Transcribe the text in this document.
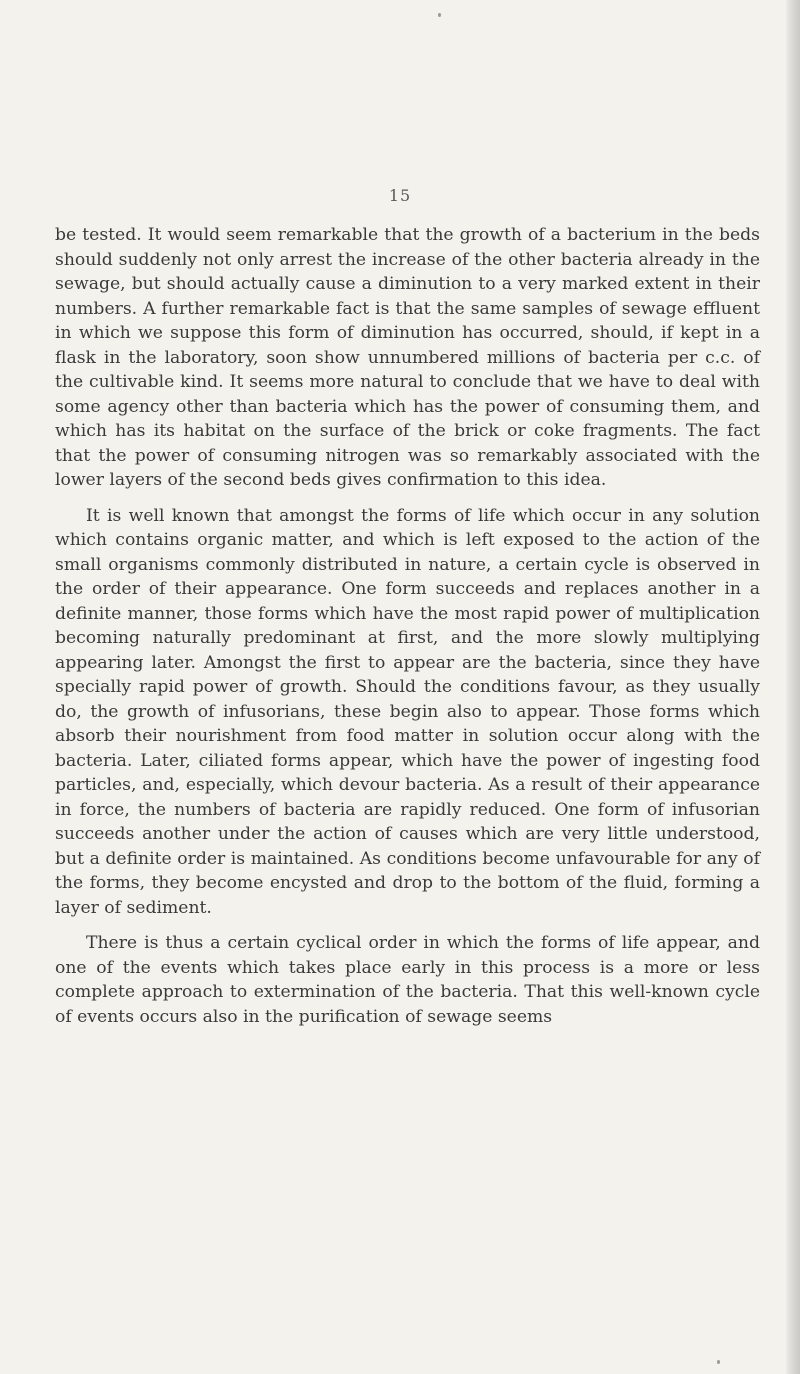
15

be tested. It would seem remarkable that the growth of a bacterium in the beds should suddenly not only arrest the increase of the other bacteria already in the sewage, but should actually cause a diminution to a very marked extent in their numbers. A further remarkable fact is that the same samples of sewage effluent in which we suppose this form of diminution has occurred, should, if kept in a flask in the laboratory, soon show unnumbered millions of bacteria per c.c. of the cultivable kind. It seems more natural to conclude that we have to deal with some agency other than bacteria which has the power of consuming them, and which has its habitat on the surface of the brick or coke fragments. The fact that the power of consuming nitrogen was so remarkably associated with the lower layers of the second beds gives confirmation to this idea.

It is well known that amongst the forms of life which occur in any solution which contains organic matter, and which is left exposed to the action of the small organisms commonly distributed in nature, a certain cycle is observed in the order of their appearance. One form succeeds and replaces another in a definite manner, those forms which have the most rapid power of multiplication becoming naturally predominant at first, and the more slowly multiplying appearing later. Amongst the first to appear are the bacteria, since they have specially rapid power of growth. Should the conditions favour, as they usually do, the growth of infusorians, these begin also to appear. Those forms which absorb their nourishment from food matter in solution occur along with the bacteria. Later, ciliated forms appear, which have the power of ingesting food particles, and, especially, which devour bacteria. As a result of their appearance in force, the numbers of bacteria are rapidly reduced. One form of infusorian succeeds another under the action of causes which are very little understood, but a definite order is maintained. As conditions become unfavourable for any of the forms, they become encysted and drop to the bottom of the fluid, forming a layer of sediment.

There is thus a certain cyclical order in which the forms of life appear, and one of the events which takes place early in this process is a more or less complete approach to extermination of the bacteria. That this well-known cycle of events occurs also in the purification of sewage seems
